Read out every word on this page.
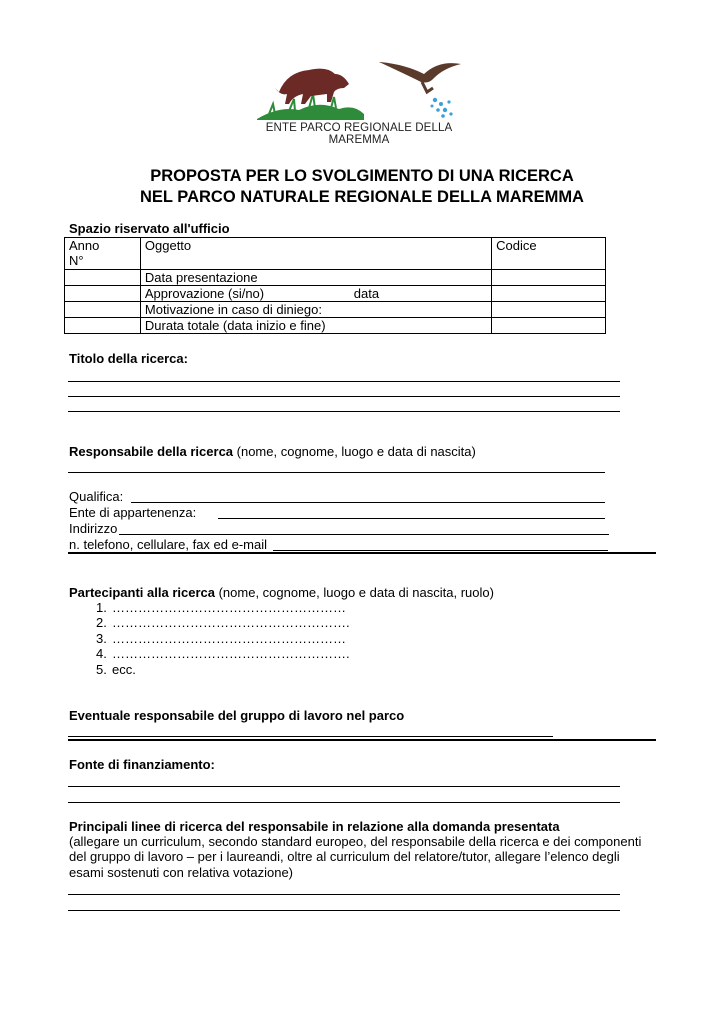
ENTE PARCO REGIONALE DELLA MAREMMA
PROPOSTA PER LO SVOLGIMENTO DI UNA RICERCA
NEL PARCO NATURALE REGIONALE DELLA MAREMMA
Spazio riservato all'ufficio
Anno
N°	Oggetto	Codice
	Data presentazione	
	Approvazione (si/no) data	
	Motivazione in caso di diniego:	
	Durata totale (data inizio e fine)	
Titolo della ricerca:
Responsabile della ricerca (nome, cognome, luogo e data di nascita)
Qualifica:
Ente di appartenenza:
Indirizzo
n. telefono, cellulare, fax ed e-mail
Partecipanti alla ricerca (nome, cognome, luogo e data di nascita, ruolo)
1. ………………………………………………
2. ……………………………………………….
3. ………………………………………………
4. ……………………………………………….
5. ecc.
Eventuale responsabile del gruppo di lavoro nel parco
Fonte di finanziamento:
Principali linee di ricerca del responsabile in relazione alla domanda presentata
(allegare un curriculum, secondo standard europeo, del responsabile della ricerca e dei componenti del gruppo di lavoro – per i laureandi, oltre al curriculum del relatore/tutor, allegare l’elenco degli esami sostenuti con relativa votazione)
